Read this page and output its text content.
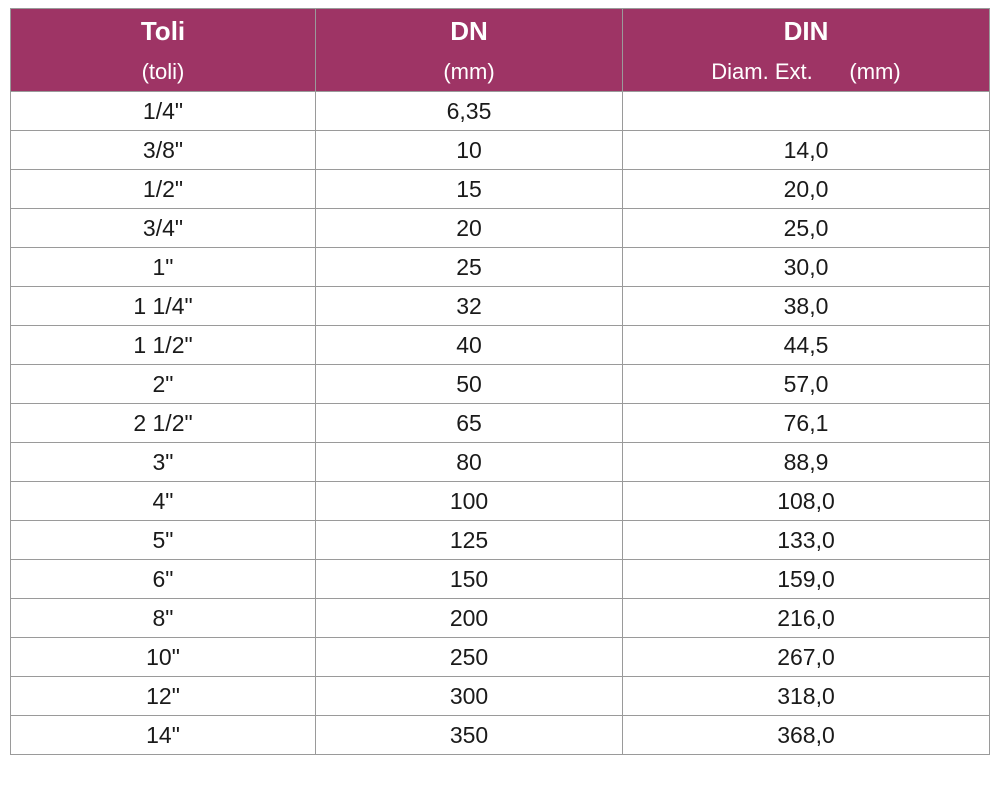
Toli	DN	DIN
(toli)	(mm)	Diam. Ext.      (mm)
1/4"	6,35	
3/8"	10	14,0
1/2"	15	20,0
3/4"	20	25,0
1"	25	30,0
1 1/4"	32	38,0
1 1/2"	40	44,5
2"	50	57,0
2 1/2"	65	76,1
3"	80	88,9
4"	100	108,0
5"	125	133,0
6"	150	159,0
8"	200	216,0
10"	250	267,0
12"	300	318,0
14"	350	368,0
